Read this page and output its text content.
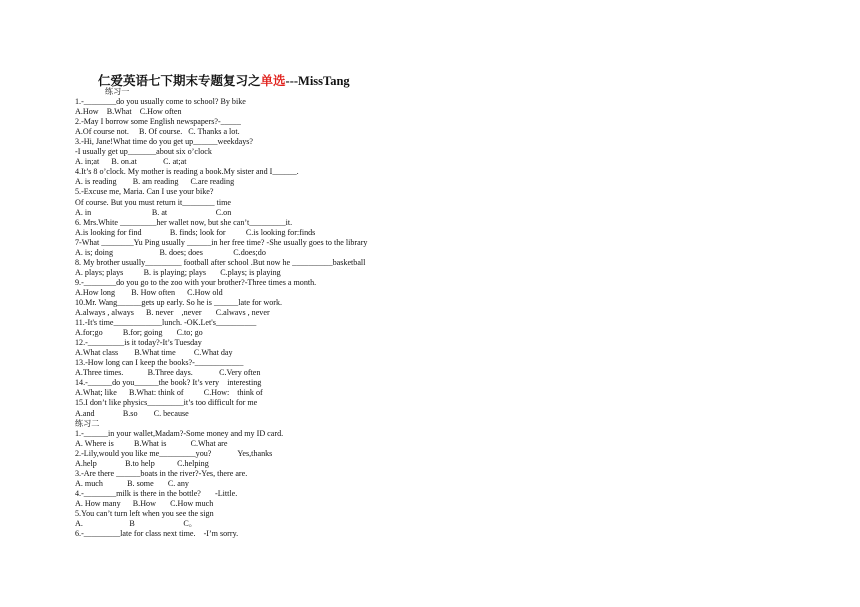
仁爱英语七下期末专题复习之单选---MissTang
练习一
1.-________do you usually come to school? By bike
A.How    B.What    C.How often
2.-May I borrow some English newspapers?-_____
A.Of course not.     B. Of course.   C. Thanks a lot.
3.-Hi, Jane!What time do you get up______weekdays?
-I usually get up_______about six o’clock
A. in;at      B. on.at             C. at;at
4.It’s 8 o’clock. My mother is reading a book.My sister and I______.
A. is reading        B. am reading      C.are reading
5.-Excuse me, Maria. Can I use your bike?
Of course. But you must return it________ time
A. in                              B. at                        C.on
6. Mrs.White _________her wallet now, but she can’t_________it.
A.is looking for find              B. finds; look for          C.is looking for:finds
7-What ________Yu Ping usually ______in her free time? -She usually goes to the library
A. is; doing                       B. does; does               C.does;do
8. My brother usually_________ football after school .But now he __________basketball
A. plays; plays          B. is playing; plays       C.plays; is playing
9.-________do you go to the zoo with your brother?-Three times a month.
A.How long        B. How often      C.How old
10.Mr. Wang______gets up early. So he is ______late for work.
A.always , always      B. never    ,never       C.alwavs , never
11.-It's time____________lunch. -OK.Let's__________
A.for;go          B.for; going       C.to; go
12.-_________is it today?-It’s Tuesday
A.What class        B.What time         C.What day
13.-How long can I keep the books?-____________
A.Three times.            B.Three days.             C.Very often
14.-______do you______the book? It’s very    interesting
A.What; like      B.What: think of          C.How:    think of
15.I don’t like physics_________it’s too difficult for me
A.and              B.so        C. because
练习二
1.-______in your wallet,Madam?-Some money and my ID card.
A. Where is          B.What is            C.What are
2.-Lily,would you like me_________you?             Yes,thanks
A.help              B.to help           C.helping
3.-Are there ______boats in the river?-Yes, there are.
A. much            B. some       C. any
4.-________milk is there in the bottle?       -Little.
A. How many      B.How       C.How much
5.You can’t turn left when you see the sign
A.                       B                        C。
6.-_________late for class next time.    -I’m sorry.
